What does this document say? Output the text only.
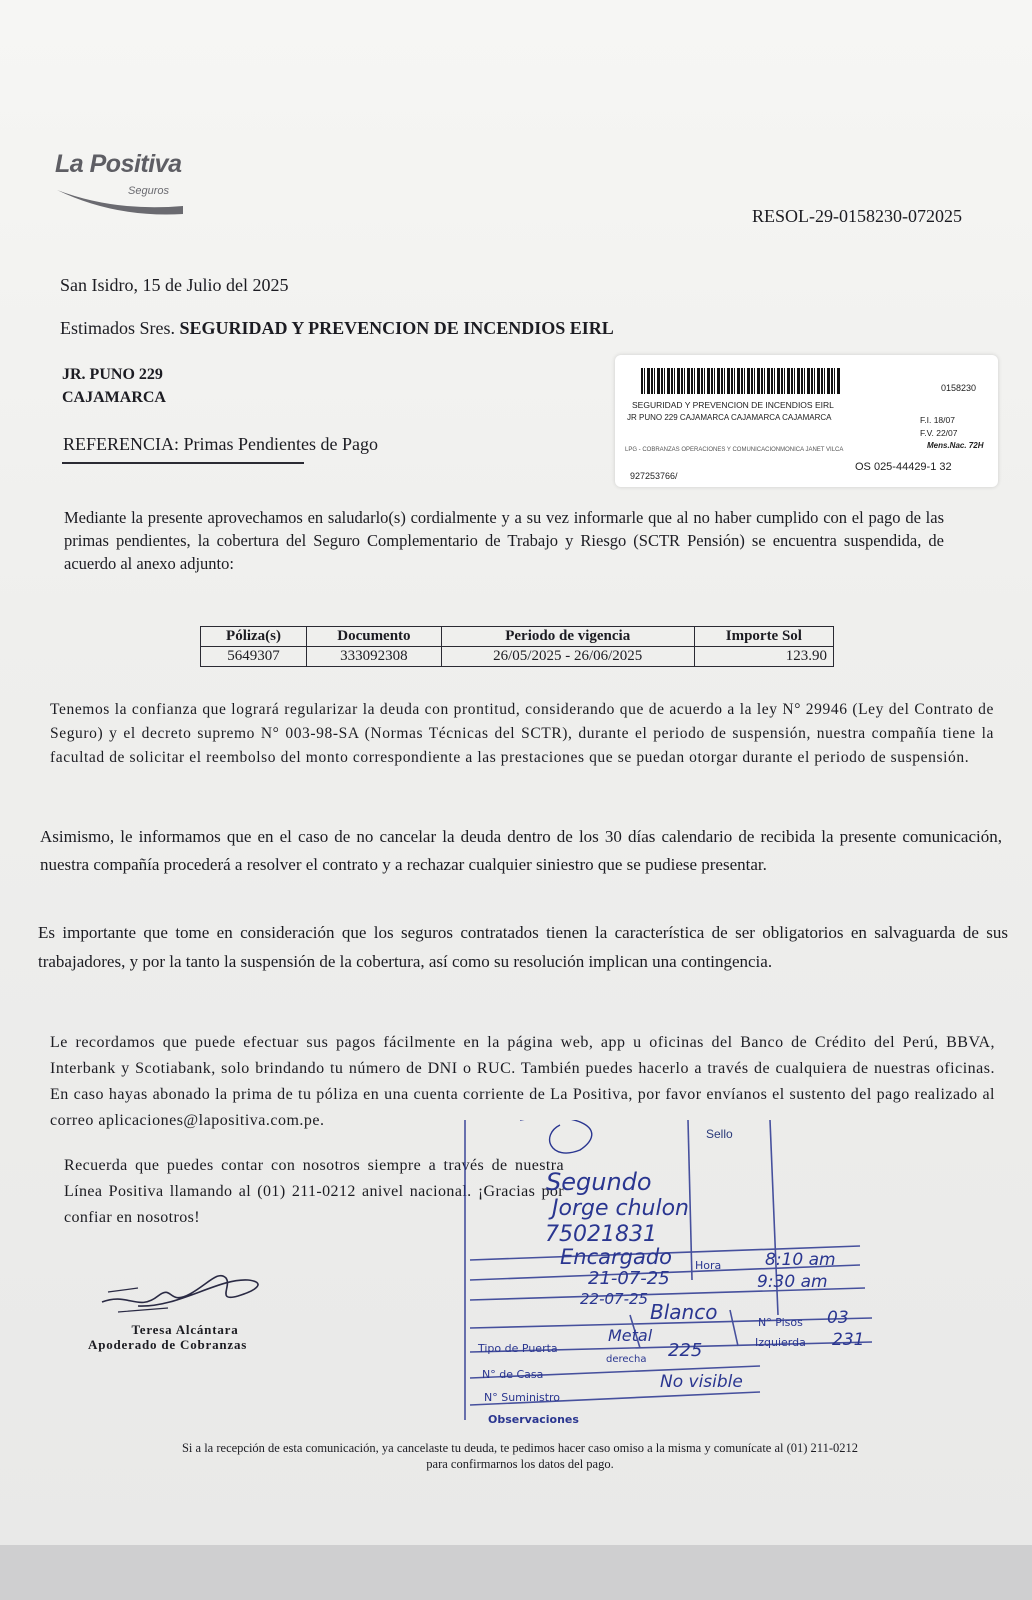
La Positiva
Seguros
RESOL-29-0158230-072025
San Isidro, 15 de Julio del 2025
Estimados Sres. SEGURIDAD Y PREVENCION DE INCENDIOS EIRL
JR. PUNO 229
CAJAMARCA
REFERENCIA: Primas Pendientes de Pago
0158230
SEGURIDAD Y PREVENCION DE INCENDIOS EIRL
JR PUNO 229 CAJAMARCA CAJAMARCA CAJAMARCA	F.I. 18/07
F.V. 22/07
Mens.Nac. 72H
LPG - COBRANZAS OPERACIONES Y COMUNICACIONMONICA JANET VILCA
927253766/
OS 025-44429-1 32
Mediante la presente aprovechamos en saludarlo(s) cordialmente y a su vez informarle que al no haber cumplido con el pago de las primas pendientes, la cobertura del Seguro Complementario de Trabajo y Riesgo (SCTR Pensión) se encuentra suspendida, de acuerdo al anexo adjunto:
Póliza(s)	Documento	Periodo de vigencia	Importe Sol
5649307	333092308	26/05/2025 - 26/06/2025	123.90
Tenemos la confianza que logrará regularizar la deuda con prontitud, considerando que de acuerdo a la ley N° 29946 (Ley del Contrato de Seguro) y el decreto supremo N° 003-98-SA (Normas Técnicas del SCTR), durante el periodo de suspensión, nuestra compañía tiene la facultad de solicitar el reembolso del monto correspondiente a las prestaciones que se puedan otorgar durante el periodo de suspensión.
Asimismo, le informamos que en el caso de no cancelar la deuda dentro de los 30 días calendario de recibida la presente comunicación, nuestra compañía procederá a resolver el contrato y a rechazar cualquier siniestro que se pudiese presentar.
Es importante que tome en consideración que los seguros contratados tienen la característica de ser obligatorios en salvaguarda de sus trabajadores, y por la tanto la suspensión de la cobertura, así como su resolución implican una contingencia.
Le recordamos que puede efectuar sus pagos fácilmente en la página web, app u oficinas del Banco de Crédito del Perú, BBVA, Interbank y Scotiabank, solo brindando tu número de DNI o RUC. También puedes hacerlo a través de cualquiera de nuestras oficinas. En caso hayas abonado la prima de tu póliza en una cuenta corriente de La Positiva, por favor envíanos el sustento del pago realizado al correo aplicaciones@lapositiva.com.pe.
Recuerda que puedes contar con nosotros siempre a través de nuestra Línea Positiva llamando al (01) 211-0212 anivel nacional. ¡Gracias por confiar en nosotros!
Teresa Alcántara
Apoderado de Cobranzas
Sello
Segundo
Jorge chulon
75021831
Encargado
21-07-25
22-07-25
Hora	8:10 am
9:30 am
Blanco	N° Pisos 03
Tipo de Puerta
Metal
derecha 225	Izquierda 231
N° de Casa
N° Suministro
No visible
Observaciones
Si a la recepción de esta comunicación, ya cancelaste tu deuda, te pedimos hacer caso omiso a la misma y comunícate al (01) 211-0212 para confirmarnos los datos del pago.
